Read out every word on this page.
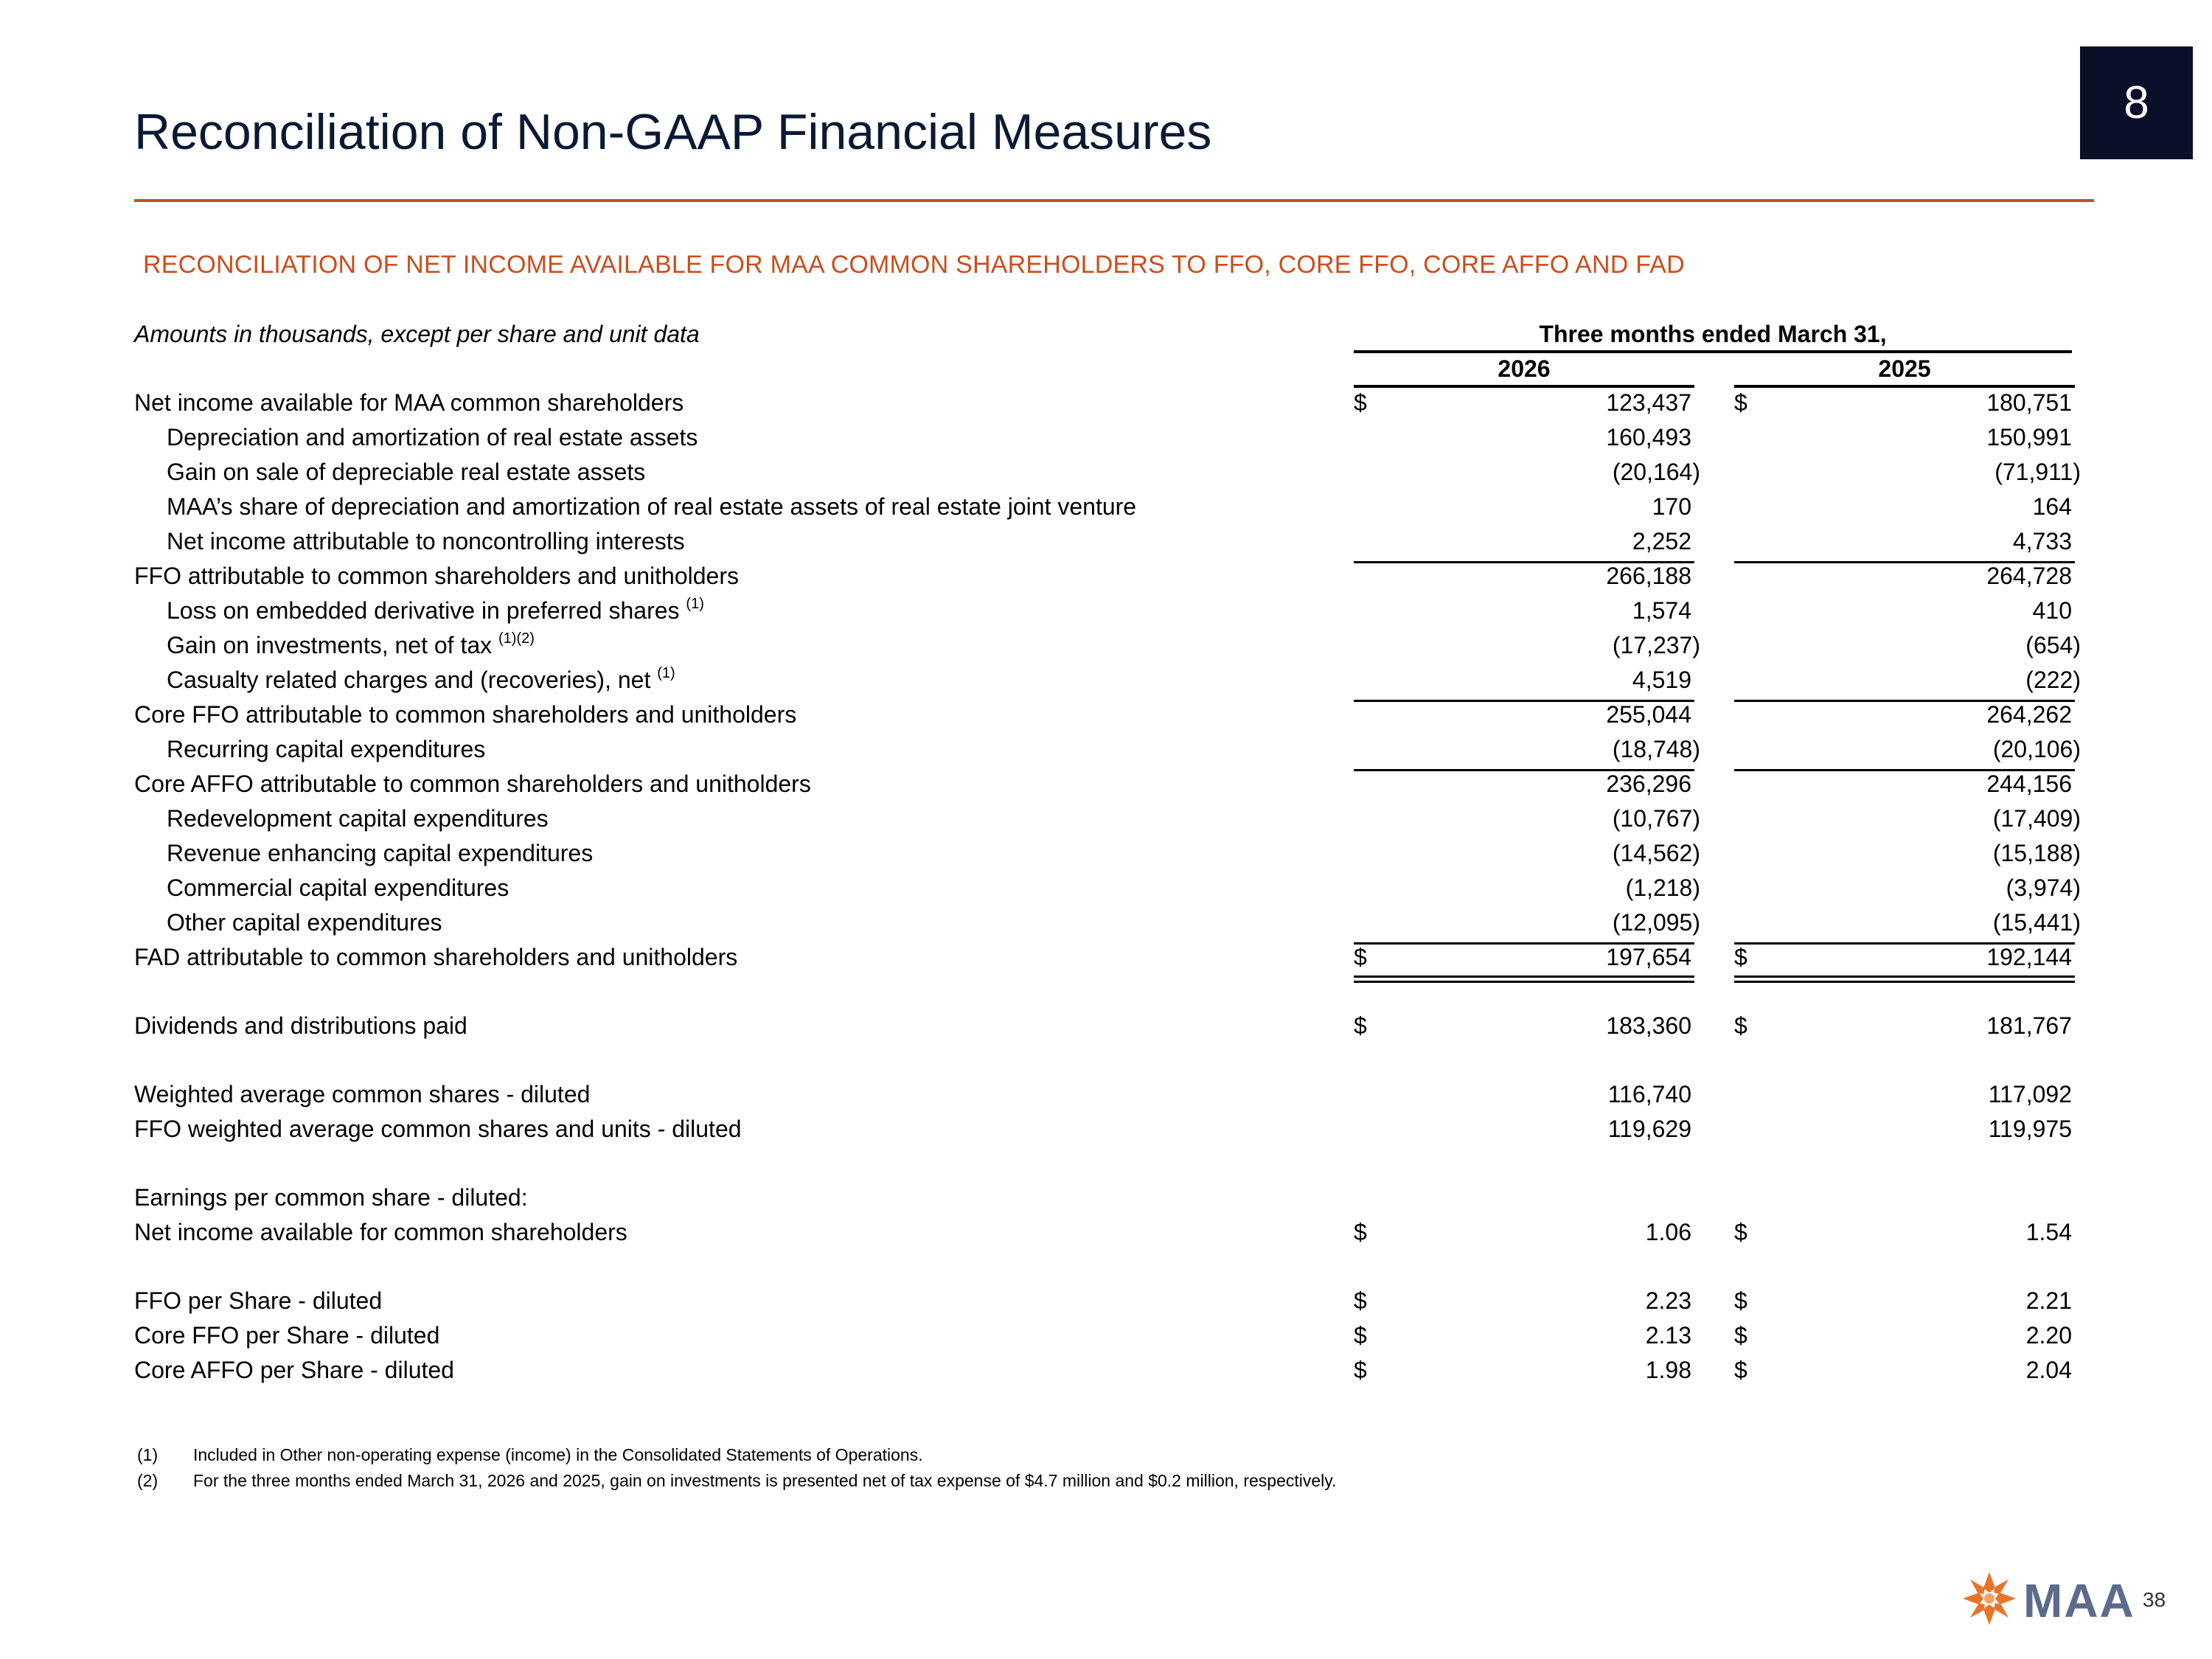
8
Reconciliation of Non-GAAP Financial Measures
RECONCILIATION OF NET INCOME AVAILABLE FOR MAA COMMON SHAREHOLDERS TO FFO, CORE FFO, CORE AFFO AND FAD
Amounts in thousands, except per share and unit data	Three months ended March 31,
2026	2025
Net income available for MAA common shareholders	$	123,437 $	180,751
Depreciation and amortization of real estate assets	160,493	150,991
Gain on sale of depreciable real estate assets	(20,164)	(71,911)
MAA’s share of depreciation and amortization of real estate assets of real estate joint venture	170	164
Net income attributable to noncontrolling interests	2,252	4,733
FFO attributable to common shareholders and unitholders	266,188	264,728
Loss on embedded derivative in preferred shares $^{(1)}$	1,574	410
Gain on investments, net of tax $^{(1)(2)}$	(17,237)	(654)
Casualty related charges and (recoveries), net $^{(1)}$	4,519	(222)
Core FFO attributable to common shareholders and unitholders	255,044	264,262
Recurring capital expenditures	(18,748)	(20,106)
Core AFFO attributable to common shareholders and unitholders	236,296	244,156
Redevelopment capital expenditures	(10,767)	(17,409)
Revenue enhancing capital expenditures	(14,562)	(15,188)
Commercial capital expenditures	(1,218)	(3,974)
Other capital expenditures	(12,095)	(15,441)
FAD attributable to common shareholders and unitholders	$	197,654 $	192,144
Dividends and distributions paid	$	183,360 $	181,767
Weighted average common shares - diluted	116,740	117,092
FFO weighted average common shares and units - diluted	119,629	119,975
Earnings per common share - diluted:
Net income available for common shareholders	$	1.06 $	1.54
FFO per Share - diluted	$	2.23 $	2.21
Core FFO per Share - diluted	$	2.13 $	2.20
Core AFFO per Share - diluted	$	1.98 $	2.04
(1) Included in Other non-operating expense (income) in the Consolidated Statements of Operations.
(2) For the three months ended March 31, 2026 and 2025, gain on investments is presented net of tax expense of $4.7 million and $0.2 million, respectively.
MAA 38
